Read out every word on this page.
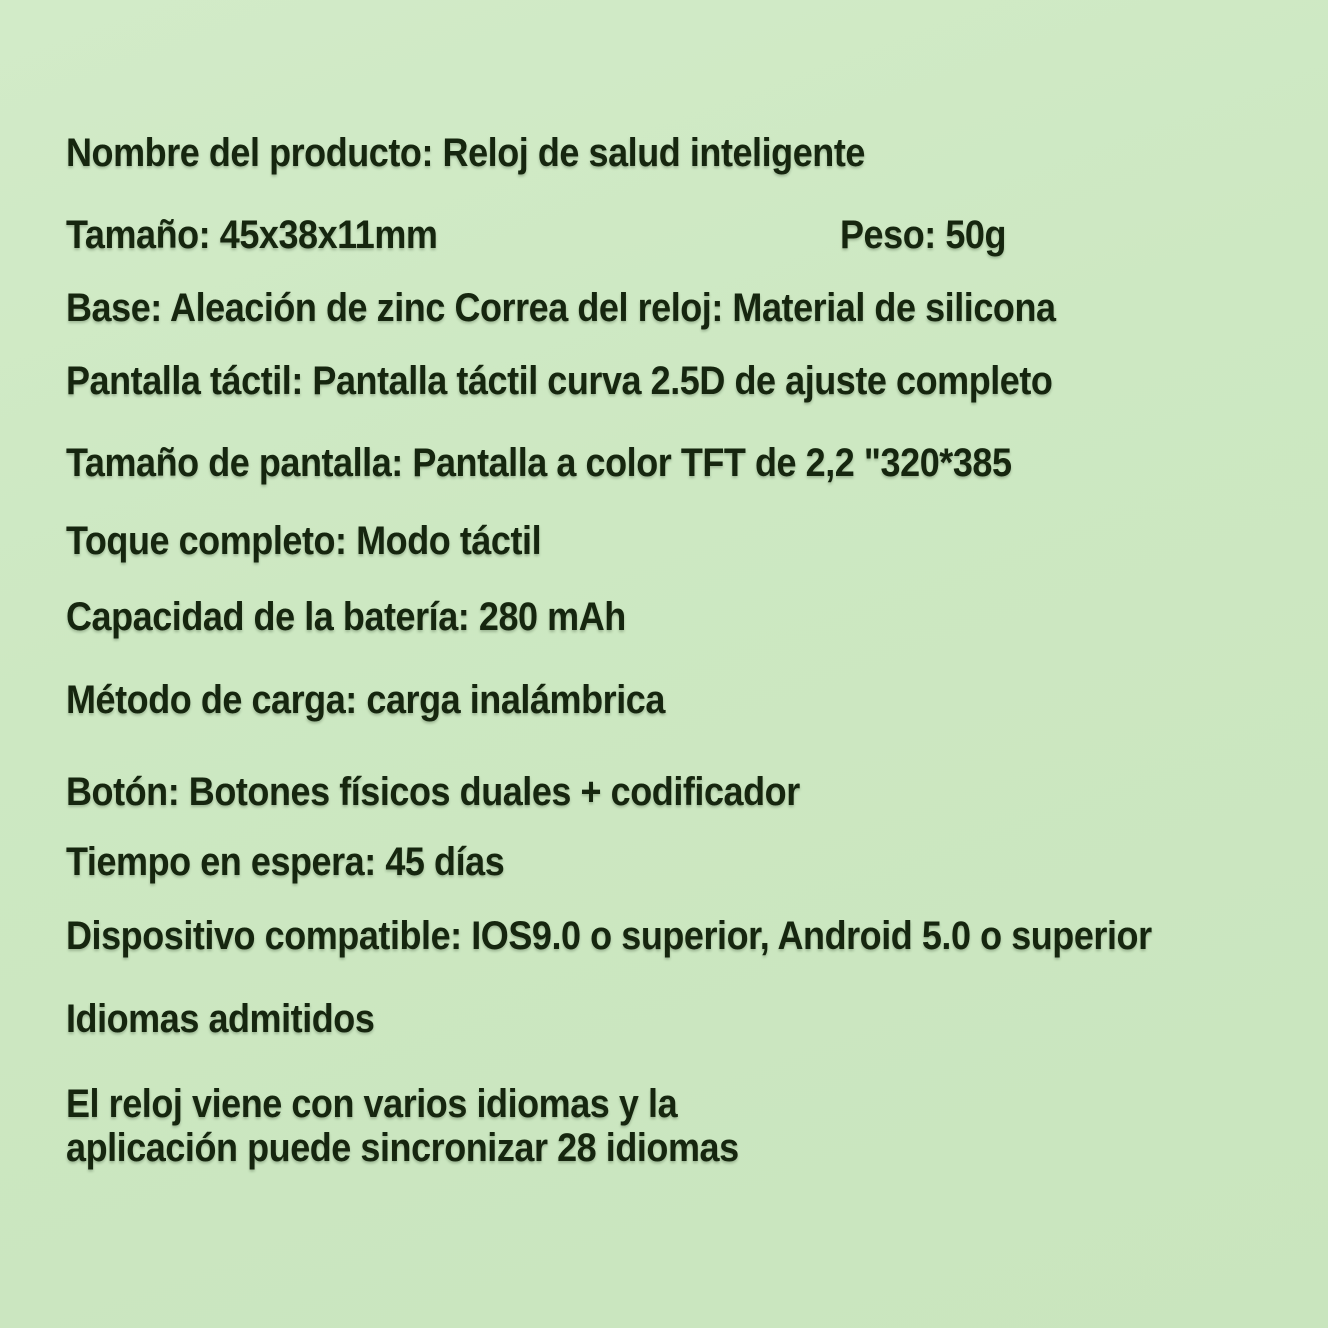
Nombre del producto: Reloj de salud inteligente
Tamaño: 45x38x11mm	Peso: 50g
Base: Aleación de zinc Correa del reloj: Material de silicona
Pantalla táctil: Pantalla táctil curva 2.5D de ajuste completo
Tamaño de pantalla: Pantalla a color TFT de 2,2 "320*385
Toque completo: Modo táctil
Capacidad de la batería: 280 mAh
Método de carga: carga inalámbrica
Botón: Botones físicos duales + codificador
Tiempo en espera: 45 días
Dispositivo compatible: IOS9.0 o superior, Android 5.0 o superior
Idiomas admitidos
El reloj viene con varios idiomas y la
aplicación puede sincronizar 28 idiomas
